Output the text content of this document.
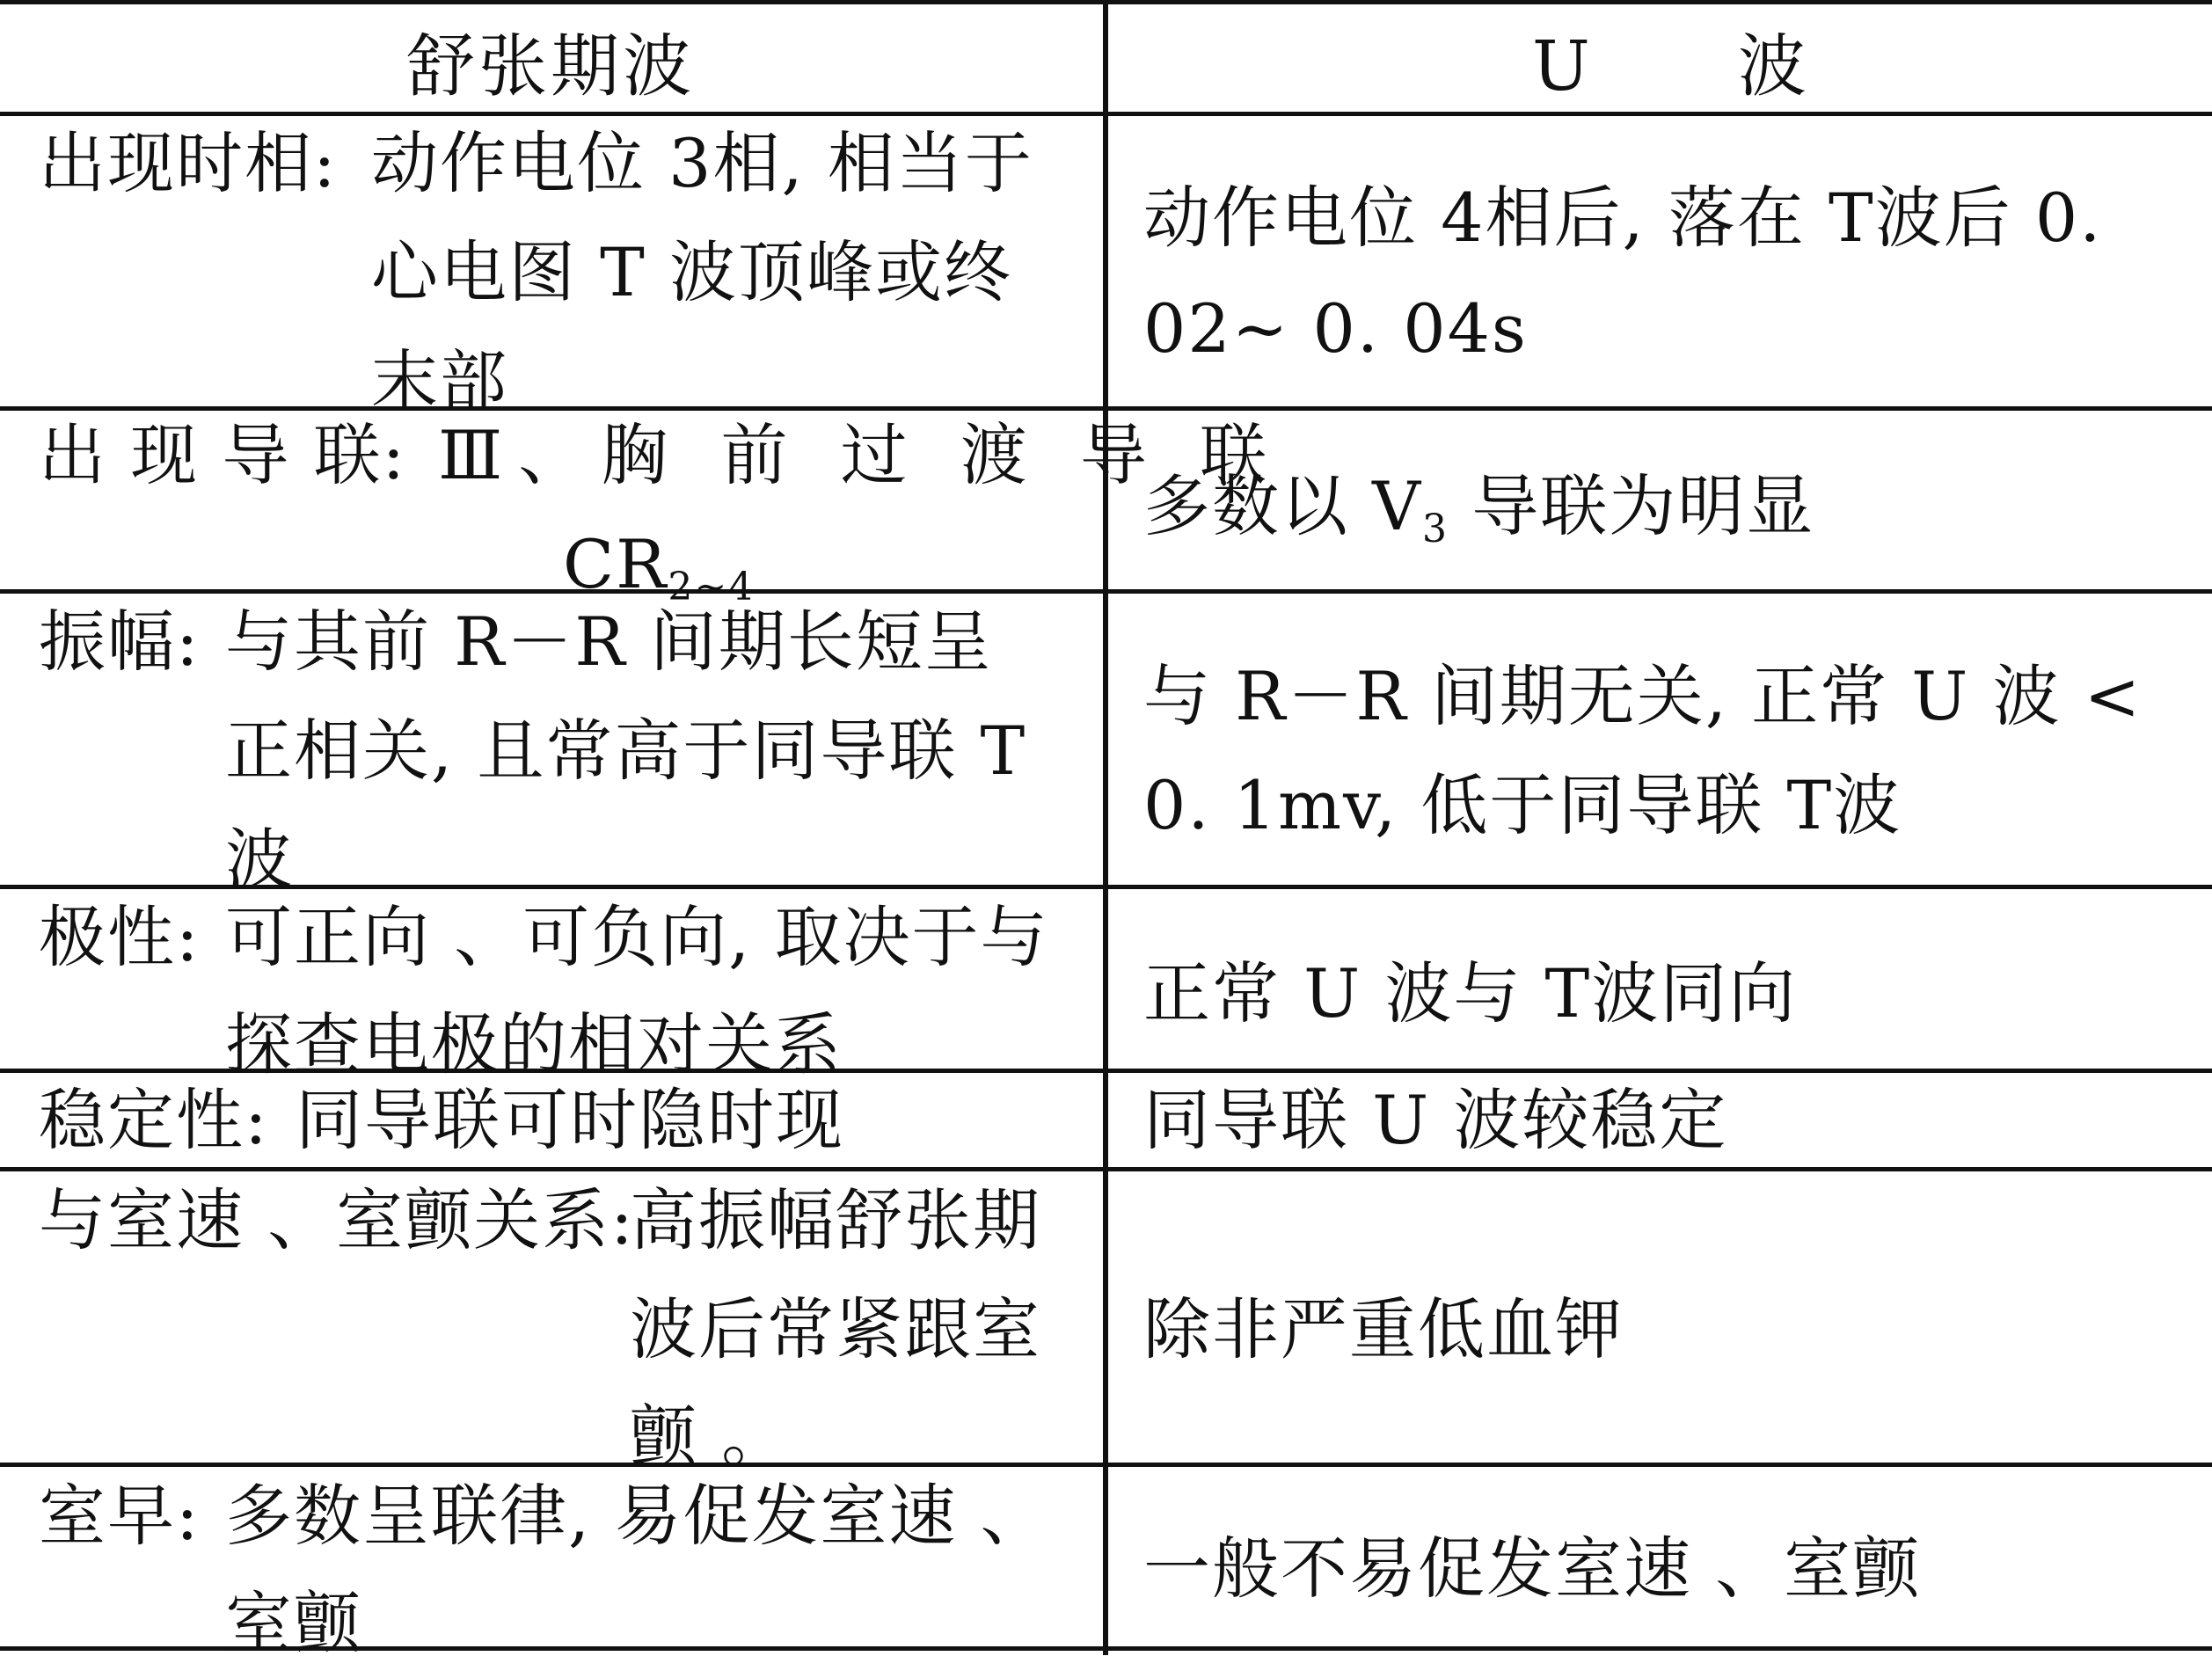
舒张期波	U　　波
出现时相: 动作电位 3相, 相当于
心电图 T 波顶峰或终
末部
动作电位 4相后, 落在 T波后 0.
02~ 0. 04s
出 现 导 联: Ⅲ、胸 前 过 渡 导 联
$CR_{2\sim 4}$
多数以 $V_3$ 导联为明显
振幅: 与其前 R－R 间期长短呈
正相关, 且常高于同导联 T
波
与 R－R 间期无关, 正常 U 波 <
0. 1mv, 低于同导联 T波
极性: 可正向 、可负向, 取决于与
探查电极的相对关系
正常 U 波与 T波同向
稳定性: 同导联可时隐时现	同导联 U 波较稳定
与室速 、室颤关系:
高振幅舒张期
波后常紧跟室
颤 。
除非严重低血钾
室早: 多数呈联律, 易促发室速 、
室颤
一般不易促发室速 、室颤
